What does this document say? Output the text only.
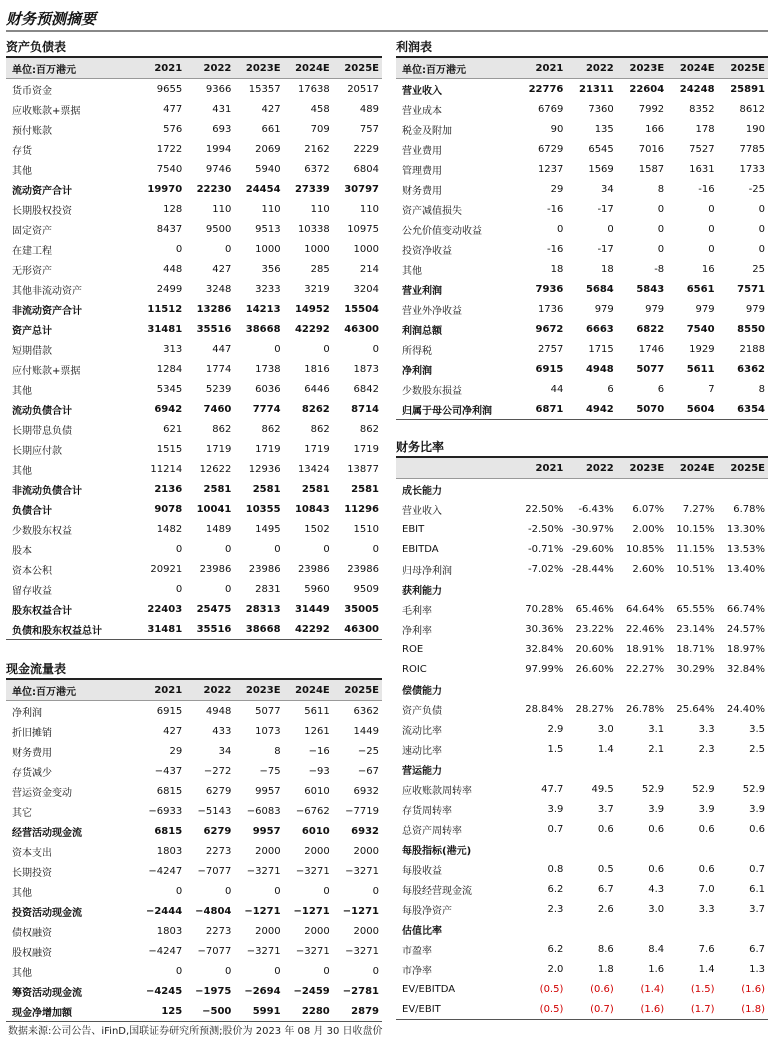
财务预测摘要
资产负债表
单位:百万港元	2021	2022	2023E	2024E	2025E
货币资金	9655	9366	15357	17638	20517
应收账款+票据	477	431	427	458	489
预付账款	576	693	661	709	757
存货	1722	1994	2069	2162	2229
其他	7540	9746	5940	6372	6804
流动资产合计	19970	22230	24454	27339	30797
长期股权投资	128	110	110	110	110
固定资产	8437	9500	9513	10338	10975
在建工程	0	0	1000	1000	1000
无形资产	448	427	356	285	214
其他非流动资产	2499	3248	3233	3219	3204
非流动资产合计	11512	13286	14213	14952	15504
资产总计	31481	35516	38668	42292	46300
短期借款	313	447	0	0	0
应付账款+票据	1284	1774	1738	1816	1873
其他	5345	5239	6036	6446	6842
流动负债合计	6942	7460	7774	8262	8714
长期带息负债	621	862	862	862	862
长期应付款	1515	1719	1719	1719	1719
其他	11214	12622	12936	13424	13877
非流动负债合计	2136	2581	2581	2581	2581
负债合计	9078	10041	10355	10843	11296
少数股东权益	1482	1489	1495	1502	1510
股本	0	0	0	0	0
资本公积	20921	23986	23986	23986	23986
留存收益	0	0	2831	5960	9509
股东权益合计	22403	25475	28313	31449	35005
负债和股东权益总计	31481	35516	38668	42292	46300
利润表
单位:百万港元	2021	2022	2023E	2024E	2025E
营业收入	22776	21311	22604	24248	25891
营业成本	6769	7360	7992	8352	8612
税金及附加	90	135	166	178	190
营业费用	6729	6545	7016	7527	7785
管理费用	1237	1569	1587	1631	1733
财务费用	29	34	8	-16	-25
资产减值损失	-16	-17	0	0	0
公允价值变动收益	0	0	0	0	0
投资净收益	-16	-17	0	0	0
其他	18	18	-8	16	25
营业利润	7936	5684	5843	6561	7571
营业外净收益	1736	979	979	979	979
利润总额	9672	6663	6822	7540	8550
所得税	2757	1715	1746	1929	2188
净利润	6915	4948	5077	5611	6362
少数股东损益	44	6	6	7	8
归属于母公司净利润	6871	4942	5070	5604	6354
财务比率
	2021	2022	2023E	2024E	2025E
成长能力					
营业收入	22.50%	-6.43%	6.07%	7.27%	6.78%
EBIT	-2.50%	-30.97%	2.00%	10.15%	13.30%
EBITDA	-0.71%	-29.60%	10.85%	11.15%	13.53%
归母净利润	-7.02%	-28.44%	2.60%	10.51%	13.40%
获利能力					
毛利率	70.28%	65.46%	64.64%	65.55%	66.74%
净利率	30.36%	23.22%	22.46%	23.14%	24.57%
ROE	32.84%	20.60%	18.91%	18.71%	18.97%
ROIC	97.99%	26.60%	22.27%	30.29%	32.84%
偿债能力					
资产负债	28.84%	28.27%	26.78%	25.64%	24.40%
流动比率	2.9	3.0	3.1	3.3	3.5
速动比率	1.5	1.4	2.1	2.3	2.5
营运能力					
应收账款周转率	47.7	49.5	52.9	52.9	52.9
存货周转率	3.9	3.7	3.9	3.9	3.9
总资产周转率	0.7	0.6	0.6	0.6	0.6
每股指标(港元)					
每股收益	0.8	0.5	0.6	0.6	0.7
每股经营现金流	6.2	6.7	4.3	7.0	6.1
每股净资产	2.3	2.6	3.0	3.3	3.7
估值比率					
市盈率	6.2	8.6	8.4	7.6	6.7
市净率	2.0	1.8	1.6	1.4	1.3
EV/EBITDA	(0.5)	(0.6)	(1.4)	(1.5)	(1.6)
EV/EBIT	(0.5)	(0.7)	(1.6)	(1.7)	(1.8)
现金流量表
单位:百万港元	2021	2022	2023E	2024E	2025E
净利润	6915	4948	5077	5611	6362
折旧摊销	427	433	1073	1261	1449
财务费用	29	34	8	−16	−25
存货减少	−437	−272	−75	−93	−67
营运资金变动	6815	6279	9957	6010	6932
其它	−6933	−5143	−6083	−6762	−7719
经营活动现金流	6815	6279	9957	6010	6932
资本支出	1803	2273	2000	2000	2000
长期投资	−4247	−7077	−3271	−3271	−3271
其他	0	0	0	0	0
投资活动现金流	−2444	−4804	−1271	−1271	−1271
债权融资	1803	2273	2000	2000	2000
股权融资	−4247	−7077	−3271	−3271	−3271
其他	0	0	0	0	0
筹资活动现金流	−4245	−1975	−2694	−2459	−2781
现金净增加额	125	−500	5991	2280	2879
数据来源:公司公告、iFinD,国联证券研究所预测;股价为 2023 年 08 月 30 日收盘价
